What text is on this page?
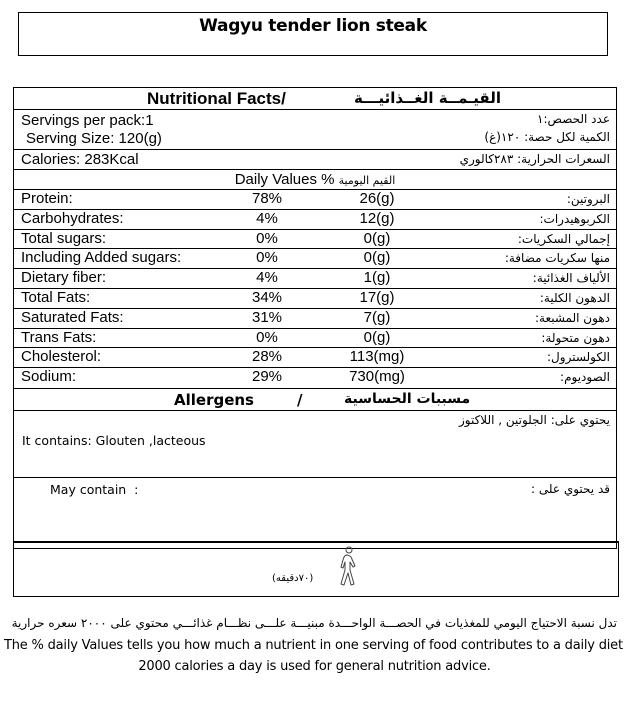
Wagyu tender lion steak
Nutritional Facts/	القيـمــة الغــذائيـــة
Servings per pack:1	عدد الحصص:١
Serving Size: 120(g)	الكمية لكل حصة: ١٢٠(غ)
Calories: 283Kcal	السعرات الحرارية: ٢٨٣كالوري
Daily Values % القيم اليومية
Protein:	78%	26(g)	البروتين:
Carbohydrates:	4%	12(g)	الكربوهيدرات:
Total sugars:	0%	0(g)	إجمالي السكريات:
Including Added sugars:	0%	0(g)	منها سكريات مضافة:
Dietary fiber:	4%	1(g)	الألياف الغذائية:
Total Fats:	34%	17(g)	الدهون الكلية:
Saturated Fats:	31%	7(g)	دهون المشبعة:
Trans Fats:	0%	0(g)	دهون متحولة:
Cholesterol:	28%	113(mg)	الكولسترول:
Sodium:	29%	730(mg)	الصوديوم:
Allergens	/	مسببات الحساسية
يحتوي على: الجلوتين , اللاكتوز
It contains: Glouten ,lacteous
May contain  :	قد يحتوي على :
(٧٠دقيقه)
تدل نسبة الاحتياج اليومي للمغذيات في الحصـــة الواحـــدة مبنيـــة علـــى نظـــام غذائـــي محتوي على ٢٠٠٠ سعره حرارية
The % daily Values tells you how much a nutrient in one serving of food contributes to a daily diet
2000 calories a day is used for general nutrition advice.
